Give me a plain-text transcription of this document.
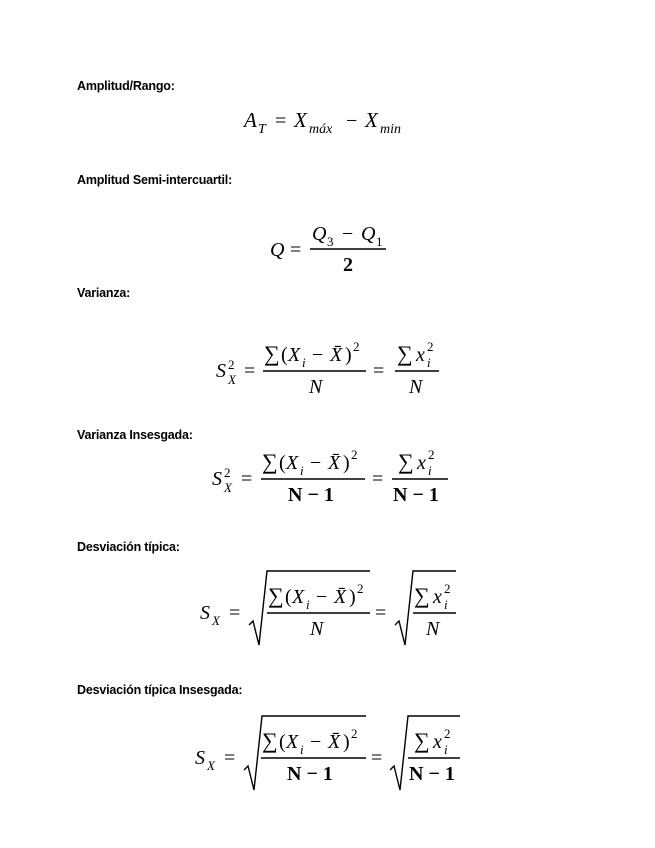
Amplitud/Rango:
A T = X máx − X min
Amplitud Semi-intercuartil:
Q =
Q 3 − Q 1
2
Varianza:
S 2
X =
∑ ( X i − X̄ ) 2
N
=
∑ x 2
i
N
Varianza Insesgada:
S 2
X =
∑ ( X i − X̄ ) 2
N − 1
=
∑ x 2
i
N − 1
Desviación típica:
S X =
∑ ( X i − X̄ ) 2
N
=
∑ x 2
i
N
Desviación típica Insesgada:
S X =
∑ ( X i − X̄ ) 2
N − 1
=
∑ x 2
i
N − 1
